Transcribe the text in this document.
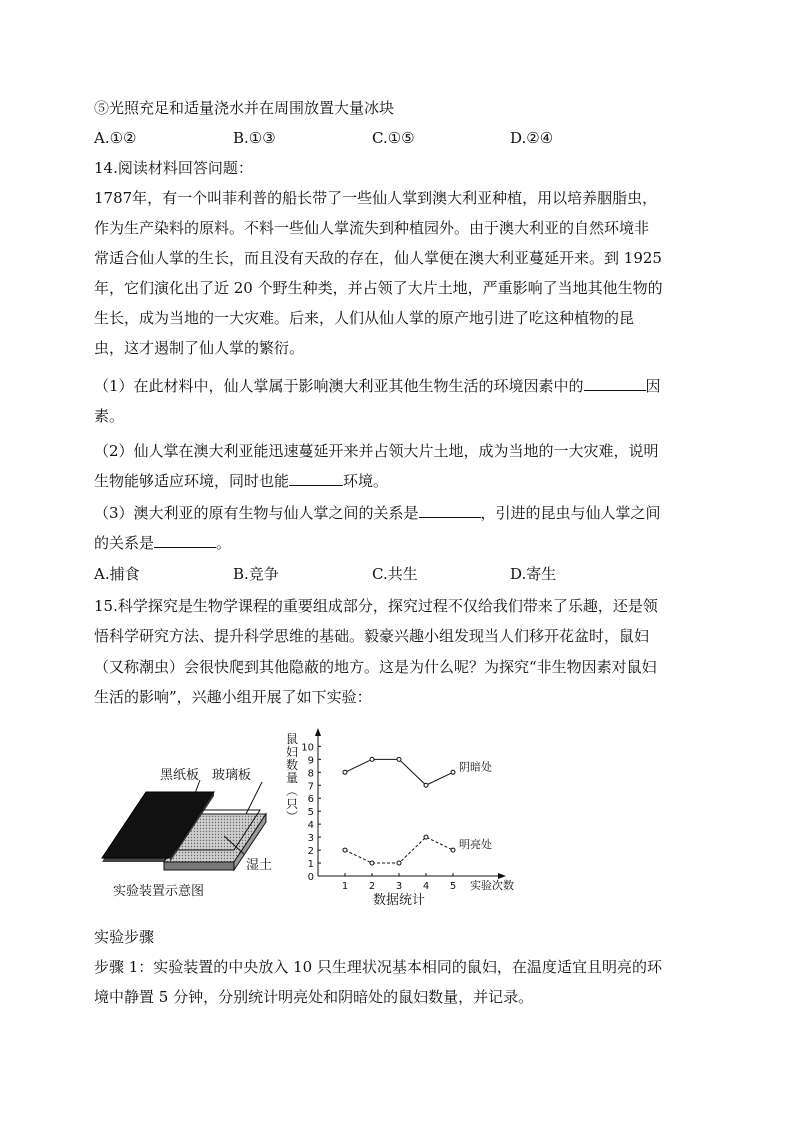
⑤光照充足和适量浇水并在周围放置大量冰块
A.①②	B.①③	C.①⑤	D.②④
14.阅读材料回答问题：
1787年，有一个叫菲利普的船长带了一些仙人掌到澳大利亚种植，用以培养胭脂虫，
作为生产染料的原料。不料一些仙人掌流失到种植园外。由于澳大利亚的自然环境非
常适合仙人掌的生长，而且没有天敌的存在，仙人掌便在澳大利亚蔓延开来。到 1925
年，它们演化出了近 20 个野生种类，并占领了大片土地，严重影响了当地其他生物的
生长，成为当地的一大灾难。后来，人们从仙人掌的原产地引进了吃这种植物的昆
虫，这才遏制了仙人掌的繁衍。
（1）在此材料中，仙人掌属于影响澳大利亚其他生物生活的环境因素中的	因
素。
（2）仙人掌在澳大利亚能迅速蔓延开来并占领大片土地，成为当地的一大灾难，说明
生物能够适应环境，同时也能	环境。
（3）澳大利亚的原有生物与仙人掌之间的关系是	，引进的昆虫与仙人掌之间
的关系是	。
A.捕食	B.竞争	C.共生	D.寄生
15.科学探究是生物学课程的重要组成部分，探究过程不仅给我们带来了乐趣，还是领
悟科学研究方法、提升科学思维的基础。毅豪兴趣小组发现当人们移开花盆时，鼠妇
（又称潮虫）会很快爬到其他隐蔽的地方。这是为什么呢？为探究“非生物因素对鼠妇
生活的影响”，兴趣小组开展了如下实验：
黑纸板 玻璃板
湿土
实验装置示意图
0
1
2
3
4
5
6
7
8
9
10
1 2 3 4 5
鼠
妇
数
量
︵
只
︶
实验次数
数据统计
阴暗处
明亮处
实验步骤
步骤 1：实验装置的中央放入 10 只生理状况基本相同的鼠妇，在温度适宜且明亮的环
境中静置 5 分钟，分别统计明亮处和阴暗处的鼠妇数量，并记录。
